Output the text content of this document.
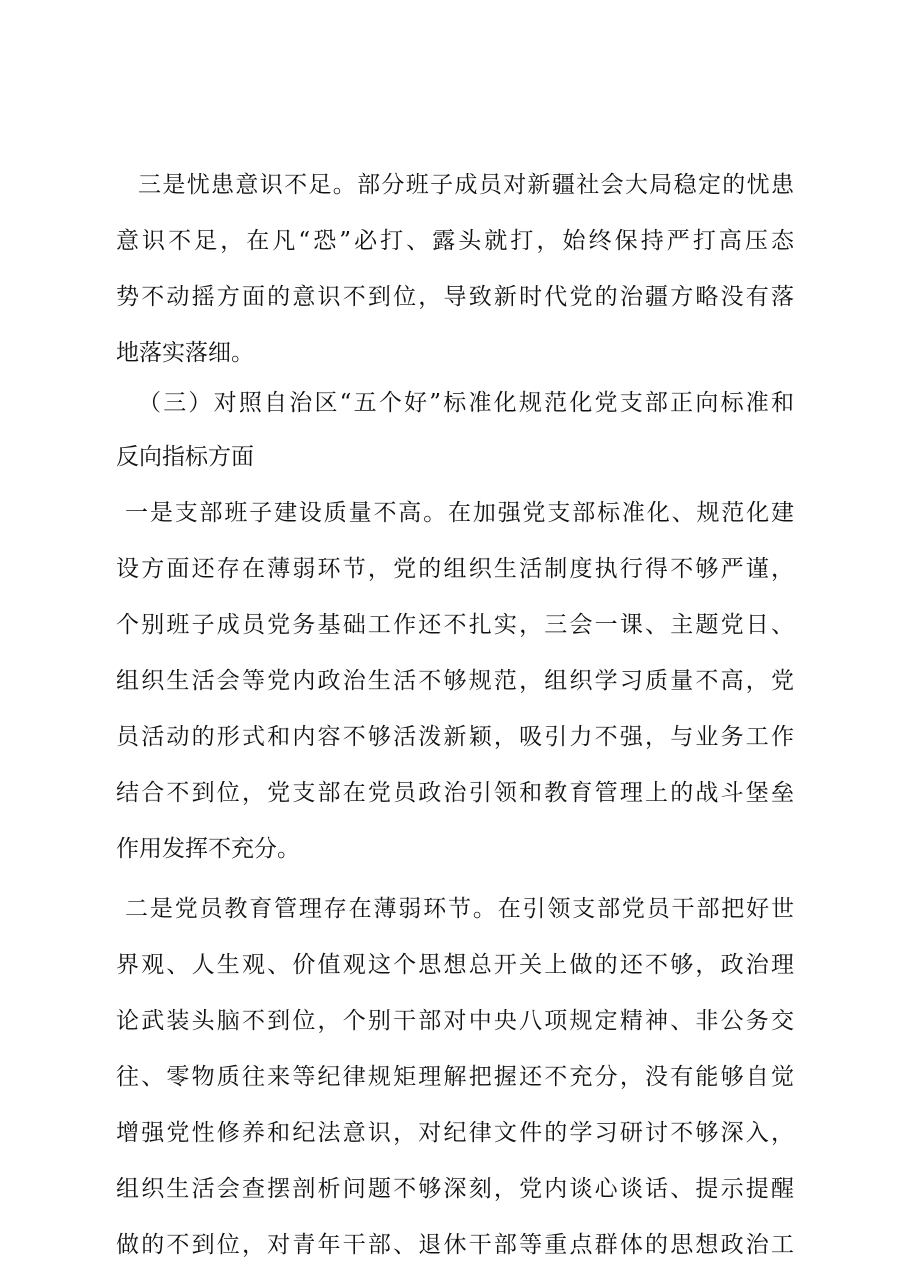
三是忧患意识不足。部分班子成员对新疆社会大局稳定的忧患
意识不足，在凡“恐”必打、露头就打，始终保持严打高压态
势不动摇方面的意识不到位，导致新时代党的治疆方略没有落
地落实落细。
（三）对照自治区“五个好”标准化规范化党支部正向标准和
反向指标方面
一是支部班子建设质量不高。在加强党支部标准化、规范化建
设方面还存在薄弱环节，党的组织生活制度执行得不够严谨，
个别班子成员党务基础工作还不扎实，三会一课、主题党日、
组织生活会等党内政治生活不够规范，组织学习质量不高，党
员活动的形式和内容不够活泼新颖，吸引力不强，与业务工作
结合不到位，党支部在党员政治引领和教育管理上的战斗堡垒
作用发挥不充分。
二是党员教育管理存在薄弱环节。在引领支部党员干部把好世
界观、人生观、价值观这个思想总开关上做的还不够，政治理
论武装头脑不到位，个别干部对中央八项规定精神、非公务交
往、零物质往来等纪律规矩理解把握还不充分，没有能够自觉
增强党性修养和纪法意识，对纪律文件的学习研讨不够深入，
组织生活会查摆剖析问题不够深刻，党内谈心谈话、提示提醒
做的不到位，对青年干部、退休干部等重点群体的思想政治工
